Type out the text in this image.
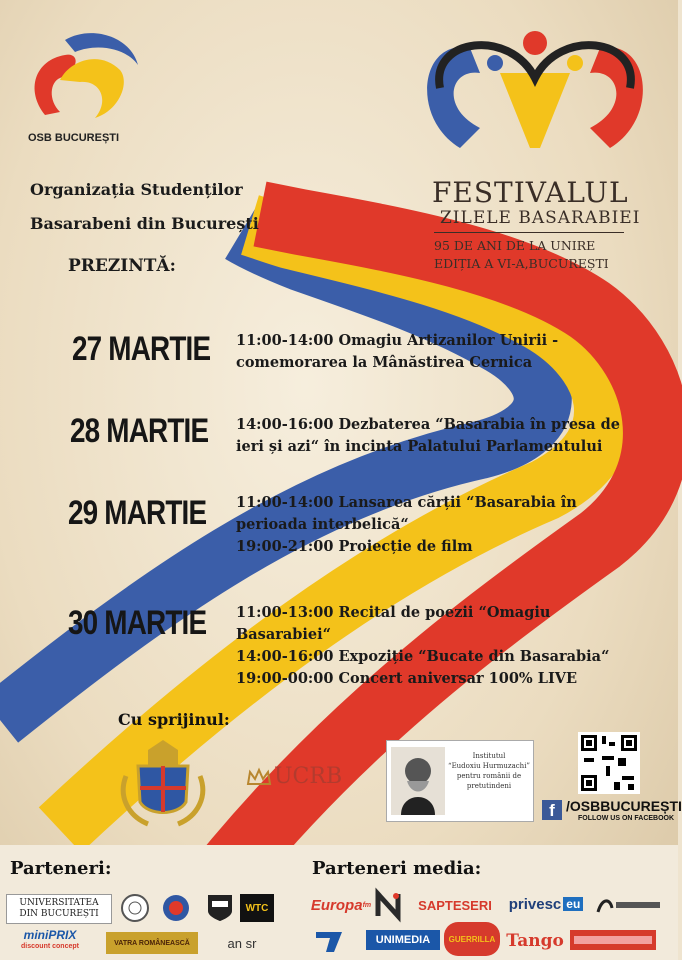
OSB BUCUREȘTI
Organizația Studenților
Basarabeni din București
PREZINTĂ:
FESTIVALUL
ZILELE BASARABIEI
95 DE ANI DE LA UNIRE
EDIȚIA A VI-A,BUCUREȘTI
27 MARTIE 11:00-14:00 Omagiu Artizanilor Unirii -
comemorarea la Mânăstirea Cernica
28 MARTIE 14:00-16:00 Dezbaterea “Basarabia în presa de
ieri și azi“ în incinta Palatului Parlamentului
29 MARTIE 11:00-14:00 Lansarea cărții “Basarabia în
perioada interbelică“
19:00-21:00 Proiecție de film
30 MARTIE 11:00-13:00 Recital de poezii “Omagiu
Basarabiei“
14:00-16:00 Expoziție “Bucate din Basarabia“
19:00-00:00 Concert aniversar 100% LIVE
Cu sprijinul:
UCRB
Institutul
“Eudoxiu Hurmuzachi”
pentru românii de
pretutindeni
f /OSBBUCUREȘTI
FOLLOW US ON FACEBOOK
Parteneri:	Parteneri media:
UNIVERSITATEA
DIN BUCUREȘTI
WTC
miniPRIX
discount concept	VATRA ROMÂNEASCĂ	an sr
Europa fm	SAPTESERI privesc eu
UNIMEDIA	GUERRILLA Tango
